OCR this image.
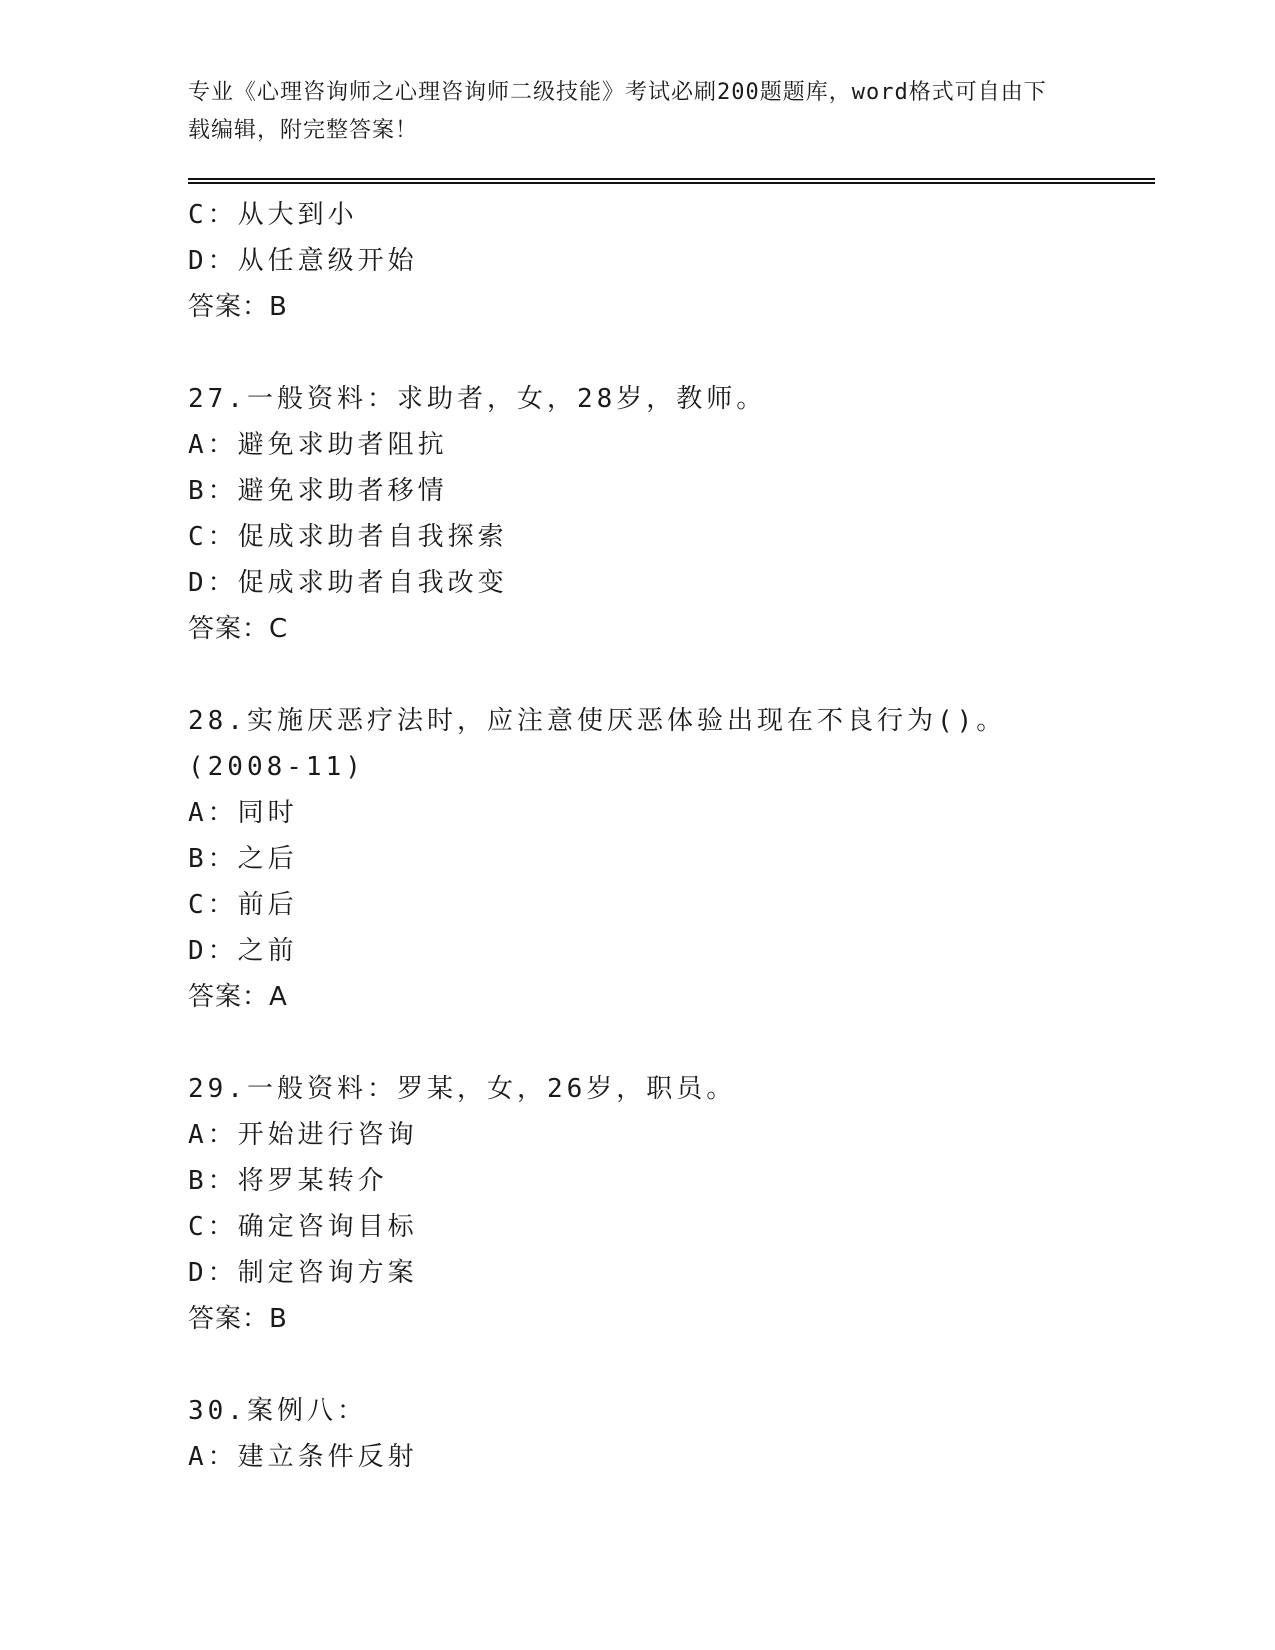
专业《心理咨询师之心理咨询师二级技能》考试必刷200题题库，word格式可自由下载编辑，附完整答案！
C：从大到小
D：从任意级开始
答案：B
27.一般资料：求助者，女，28岁，教师。
A：避免求助者阻抗
B：避免求助者移情
C：促成求助者自我探索
D：促成求助者自我改变
答案：C
28.实施厌恶疗法时，应注意使厌恶体验出现在不良行为()。(2008-11)
A：同时
B：之后
C：前后
D：之前
答案：A
29.一般资料：罗某，女，26岁，职员。
A：开始进行咨询
B：将罗某转介
C：确定咨询目标
D：制定咨询方案
答案：B
30.案例八：
A：建立条件反射
